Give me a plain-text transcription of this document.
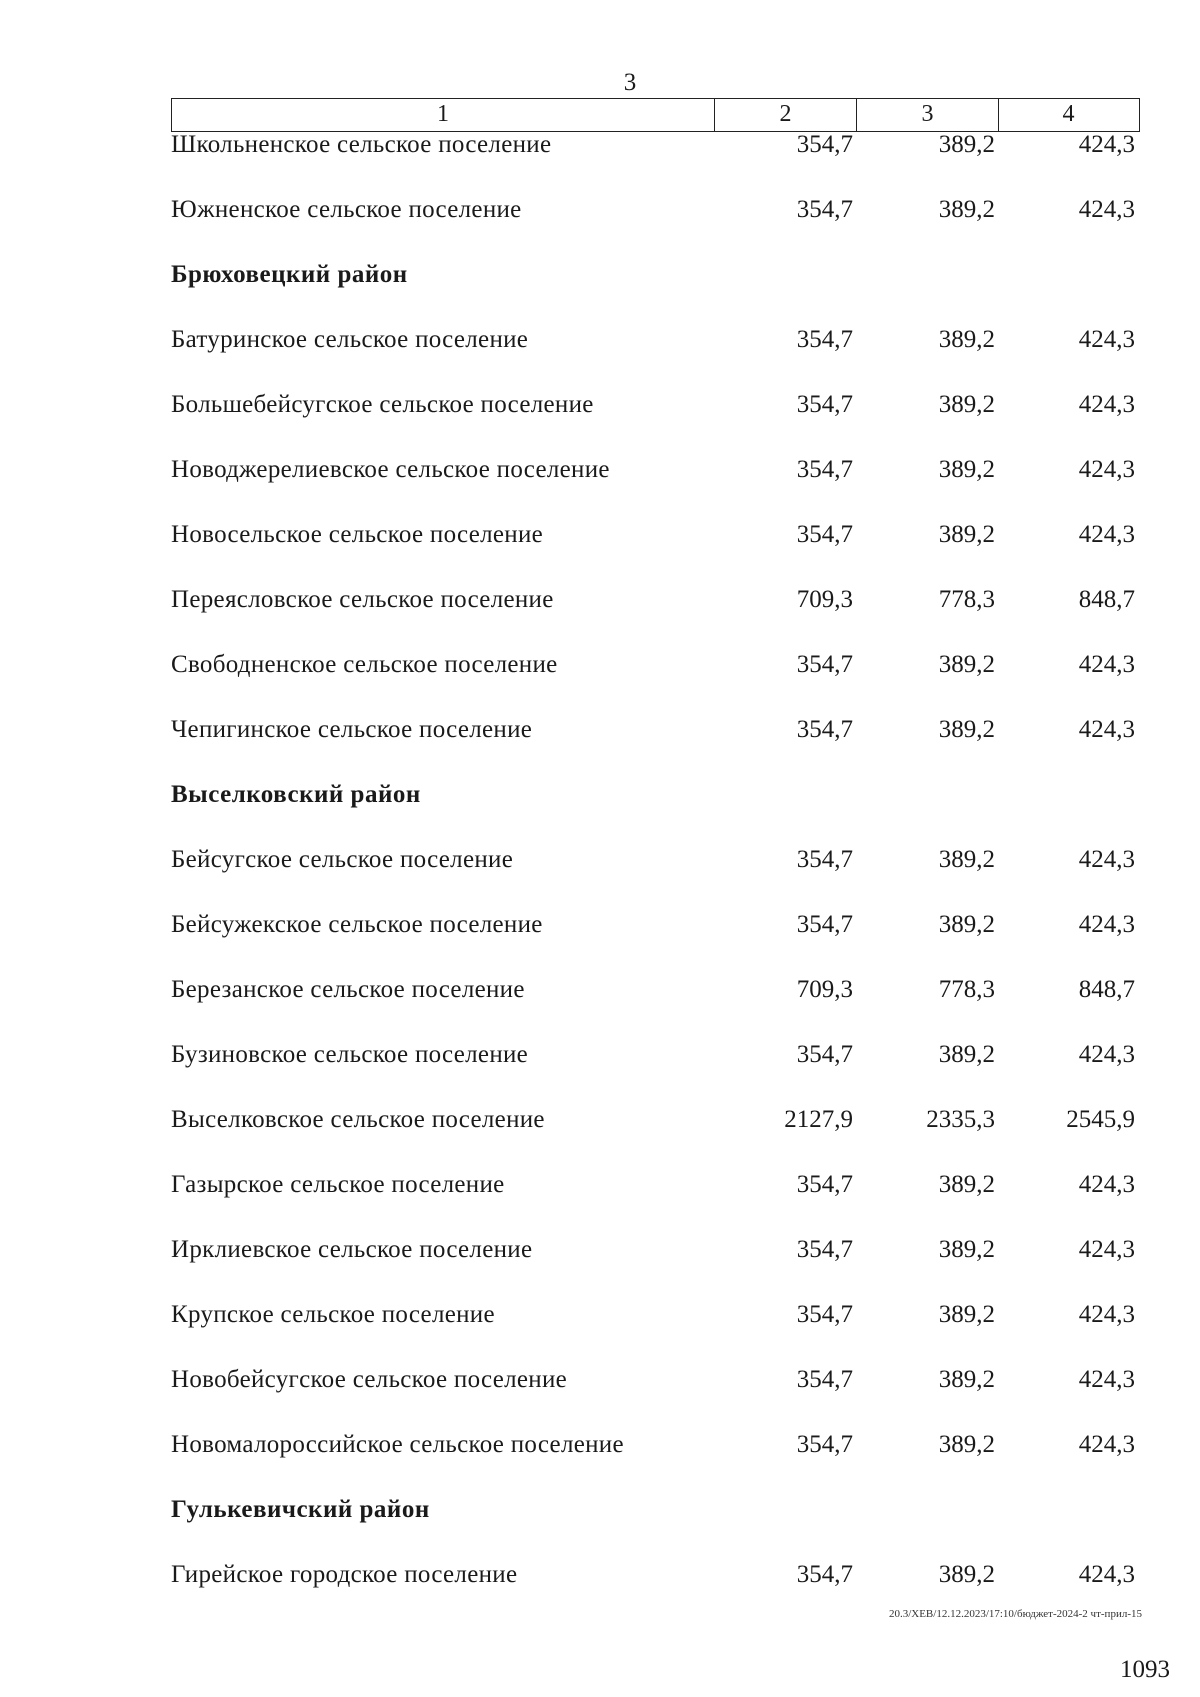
3
1	2	3	4
Школьненское сельское поселение	354,7	389,2	424,3
Южненское сельское поселение	354,7	389,2	424,3
Брюховецкий район
Батуринское сельское поселение	354,7	389,2	424,3
Большебейсугское сельское поселение	354,7	389,2	424,3
Новоджерелиевское сельское поселение	354,7	389,2	424,3
Новосельское сельское поселение	354,7	389,2	424,3
Переясловское сельское поселение	709,3	778,3	848,7
Свободненское сельское поселение	354,7	389,2	424,3
Чепигинское сельское поселение	354,7	389,2	424,3
Выселковский район
Бейсугское сельское поселение	354,7	389,2	424,3
Бейсужекское сельское поселение	354,7	389,2	424,3
Березанское сельское поселение	709,3	778,3	848,7
Бузиновское сельское поселение	354,7	389,2	424,3
Выселковское сельское поселение	2127,9	2335,3	2545,9
Газырское сельское поселение	354,7	389,2	424,3
Ирклиевское сельское поселение	354,7	389,2	424,3
Крупское сельское поселение	354,7	389,2	424,3
Новобейсугское сельское поселение	354,7	389,2	424,3
Новомалороссийское сельское поселение	354,7	389,2	424,3
Гулькевичский район
Гирейское городское поселение	354,7	389,2	424,3
20.3/XEB/12.12.2023/17:10/бюджет-2024-2 чт-прил-15
1093
